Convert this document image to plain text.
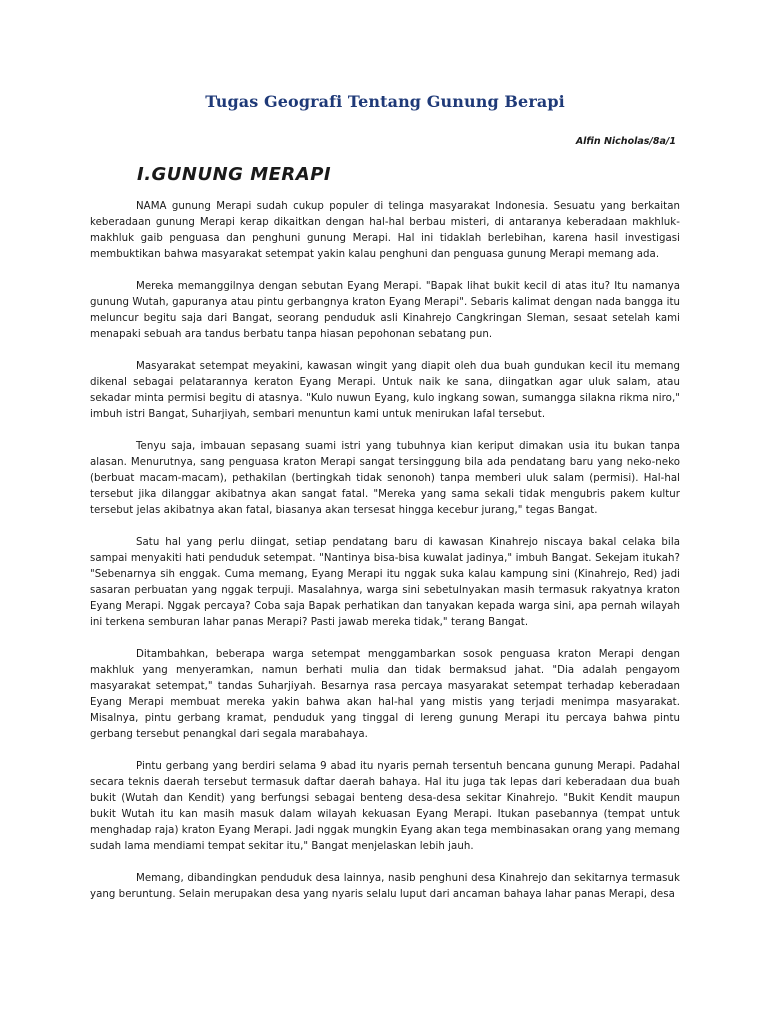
Tugas Geografi Tentang Gunung Berapi
Alfin Nicholas/8a/1
I.GUNUNG MERAPI

NAMA gunung Merapi sudah cukup populer di telinga masyarakat Indonesia. Sesuatu yang berkaitan keberadaan gunung Merapi kerap dikaitkan dengan hal-hal berbau misteri, di antaranya keberadaan makhluk-makhluk gaib penguasa dan penghuni gunung Merapi. Hal ini tidaklah berlebihan, karena hasil investigasi membuktikan bahwa masyarakat setempat yakin kalau penghuni dan penguasa gunung Merapi memang ada.

Mereka memanggilnya dengan sebutan Eyang Merapi. "Bapak lihat bukit kecil di atas itu? Itu namanya gunung Wutah, gapuranya atau pintu gerbangnya kraton Eyang Merapi". Sebaris kalimat dengan nada bangga itu meluncur begitu saja dari Bangat, seorang penduduk asli Kinahrejo Cangkringan Sleman, sesaat setelah kami menapaki sebuah ara tandus berbatu tanpa hiasan pepohonan sebatang pun.

Masyarakat setempat meyakini, kawasan wingit yang diapit oleh dua buah gundukan kecil itu memang dikenal sebagai pelatarannya keraton Eyang Merapi. Untuk naik ke sana, diingatkan agar uluk salam, atau sekadar minta permisi begitu di atasnya. "Kulo nuwun Eyang, kulo ingkang sowan, sumangga silakna rikma niro," imbuh istri Bangat, Suharjiyah, sembari menuntun kami untuk menirukan lafal tersebut.

Tenyu saja, imbauan sepasang suami istri yang tubuhnya kian keriput dimakan usia itu bukan tanpa alasan. Menurutnya, sang penguasa kraton Merapi sangat tersinggung bila ada pendatang baru yang neko-neko (berbuat macam-macam), pethakilan (bertingkah tidak senonoh) tanpa memberi uluk salam (permisi). Hal-hal tersebut jika dilanggar akibatnya akan sangat fatal. "Mereka yang sama sekali tidak mengubris pakem kultur tersebut jelas akibatnya akan fatal, biasanya akan tersesat hingga kecebur jurang," tegas Bangat.

Satu hal yang perlu diingat, setiap pendatang baru di kawasan Kinahrejo niscaya bakal celaka bila sampai menyakiti hati penduduk setempat. "Nantinya bisa-bisa kuwalat jadinya," imbuh Bangat. Sekejam itukah? "Sebenarnya sih enggak. Cuma memang, Eyang Merapi itu nggak suka kalau kampung sini (Kinahrejo, Red) jadi sasaran perbuatan yang nggak terpuji. Masalahnya, warga sini sebetulnyakan masih termasuk rakyatnya kraton Eyang Merapi. Nggak percaya? Coba saja Bapak perhatikan dan tanyakan kepada warga sini, apa pernah wilayah ini terkena semburan lahar panas Merapi? Pasti jawab mereka tidak," terang Bangat.

Ditambahkan, beberapa warga setempat menggambarkan sosok penguasa kraton Merapi dengan makhluk yang menyeramkan, namun berhati mulia dan tidak bermaksud jahat. "Dia adalah pengayom masyarakat setempat," tandas Suharjiyah. Besarnya rasa percaya masyarakat setempat terhadap keberadaan Eyang Merapi membuat mereka yakin bahwa akan hal-hal yang mistis yang terjadi menimpa masyarakat. Misalnya, pintu gerbang kramat, penduduk yang tinggal di lereng gunung Merapi itu percaya bahwa pintu gerbang tersebut penangkal dari segala marabahaya.

Pintu gerbang yang berdiri selama 9 abad itu nyaris pernah tersentuh bencana gunung Merapi. Padahal secara teknis daerah tersebut termasuk daftar daerah bahaya. Hal itu juga tak lepas dari keberadaan dua buah bukit (Wutah dan Kendit) yang berfungsi sebagai benteng desa-desa sekitar Kinahrejo. "Bukit Kendit maupun bukit Wutah itu kan masih masuk dalam wilayah kekuasan Eyang Merapi. Itukan pasebannya (tempat untuk menghadap raja) kraton Eyang Merapi. Jadi nggak mungkin Eyang akan tega membinasakan orang yang memang sudah lama mendiami tempat sekitar itu," Bangat menjelaskan lebih jauh.

Memang, dibandingkan penduduk desa lainnya, nasib penghuni desa Kinahrejo dan sekitarnya termasuk yang beruntung. Selain merupakan desa yang nyaris selalu luput dari ancaman bahaya lahar panas Merapi, desa
